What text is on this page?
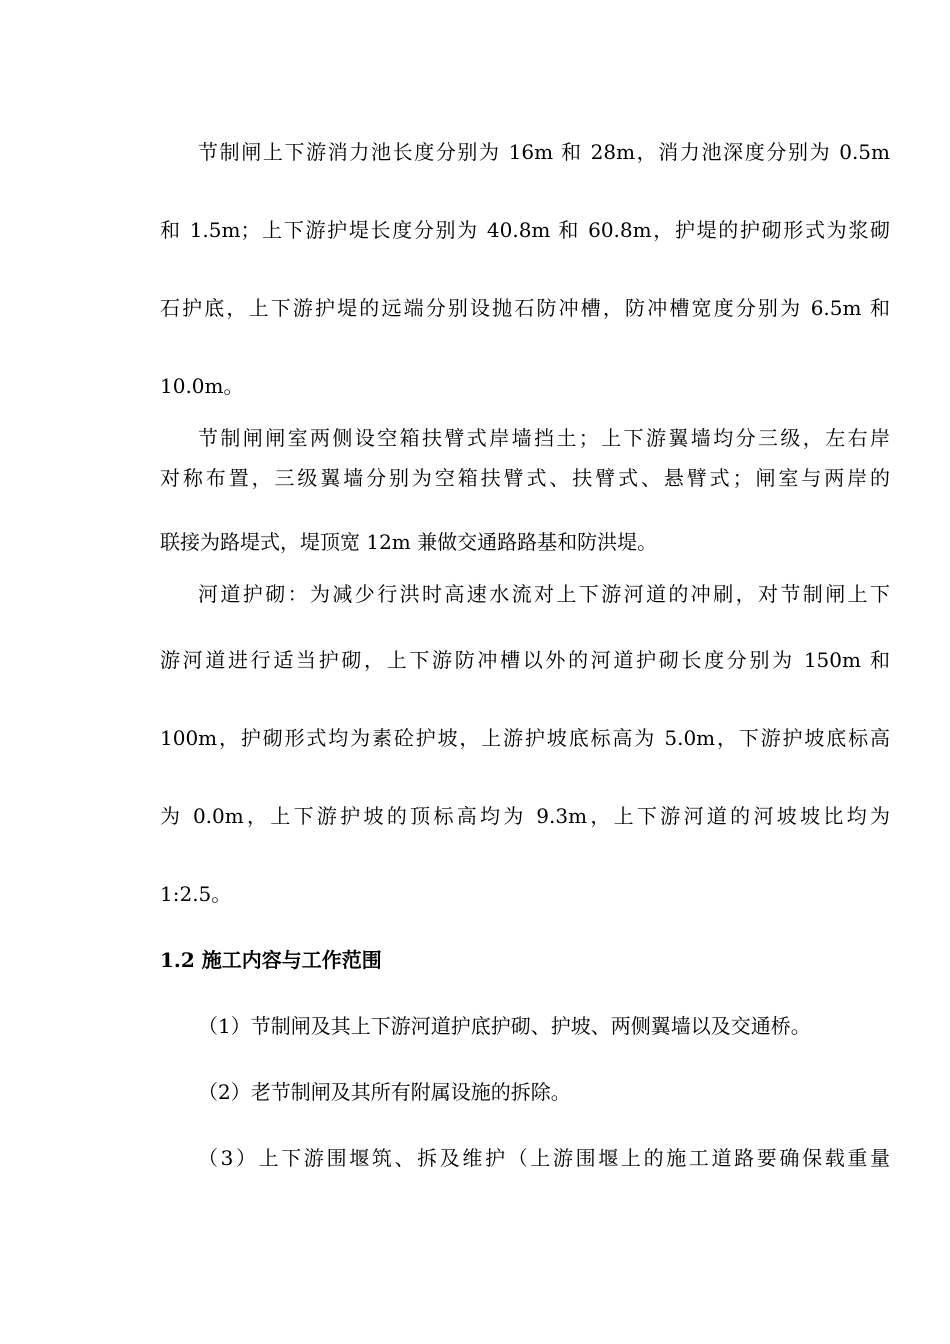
节制闸上下游消力池长度分别为 16m 和 28m，消力池深度分别为 0.5m
和 1.5m；上下游护堤长度分别为 40.8m 和 60.8m，护堤的护砌形式为浆砌
石护底，上下游护堤的远端分别设抛石防冲槽，防冲槽宽度分别为 6.5m 和
10.0m。
节制闸闸室两侧设空箱扶臂式岸墙挡土；上下游翼墙均分三级，左右岸
对称布置，三级翼墙分别为空箱扶臂式、扶臂式、悬臂式；闸室与两岸的
联接为路堤式，堤顶宽 12m 兼做交通路路基和防洪堤。
河道护砌：为减少行洪时高速水流对上下游河道的冲刷，对节制闸上下
游河道进行适当护砌，上下游防冲槽以外的河道护砌长度分别为 150m 和
100m，护砌形式均为素砼护坡，上游护坡底标高为 5.0m，下游护坡底标高
为 0.0m，上下游护坡的顶标高均为 9.3m，上下游河道的河坡坡比均为
1:2.5。
1.2 施工内容与工作范围
（1）节制闸及其上下游河道护底护砌、护坡、两侧翼墙以及交通桥。
（2）老节制闸及其所有附属设施的拆除。
（3）上下游围堰筑、拆及维护（上游围堰上的施工道路要确保载重量
